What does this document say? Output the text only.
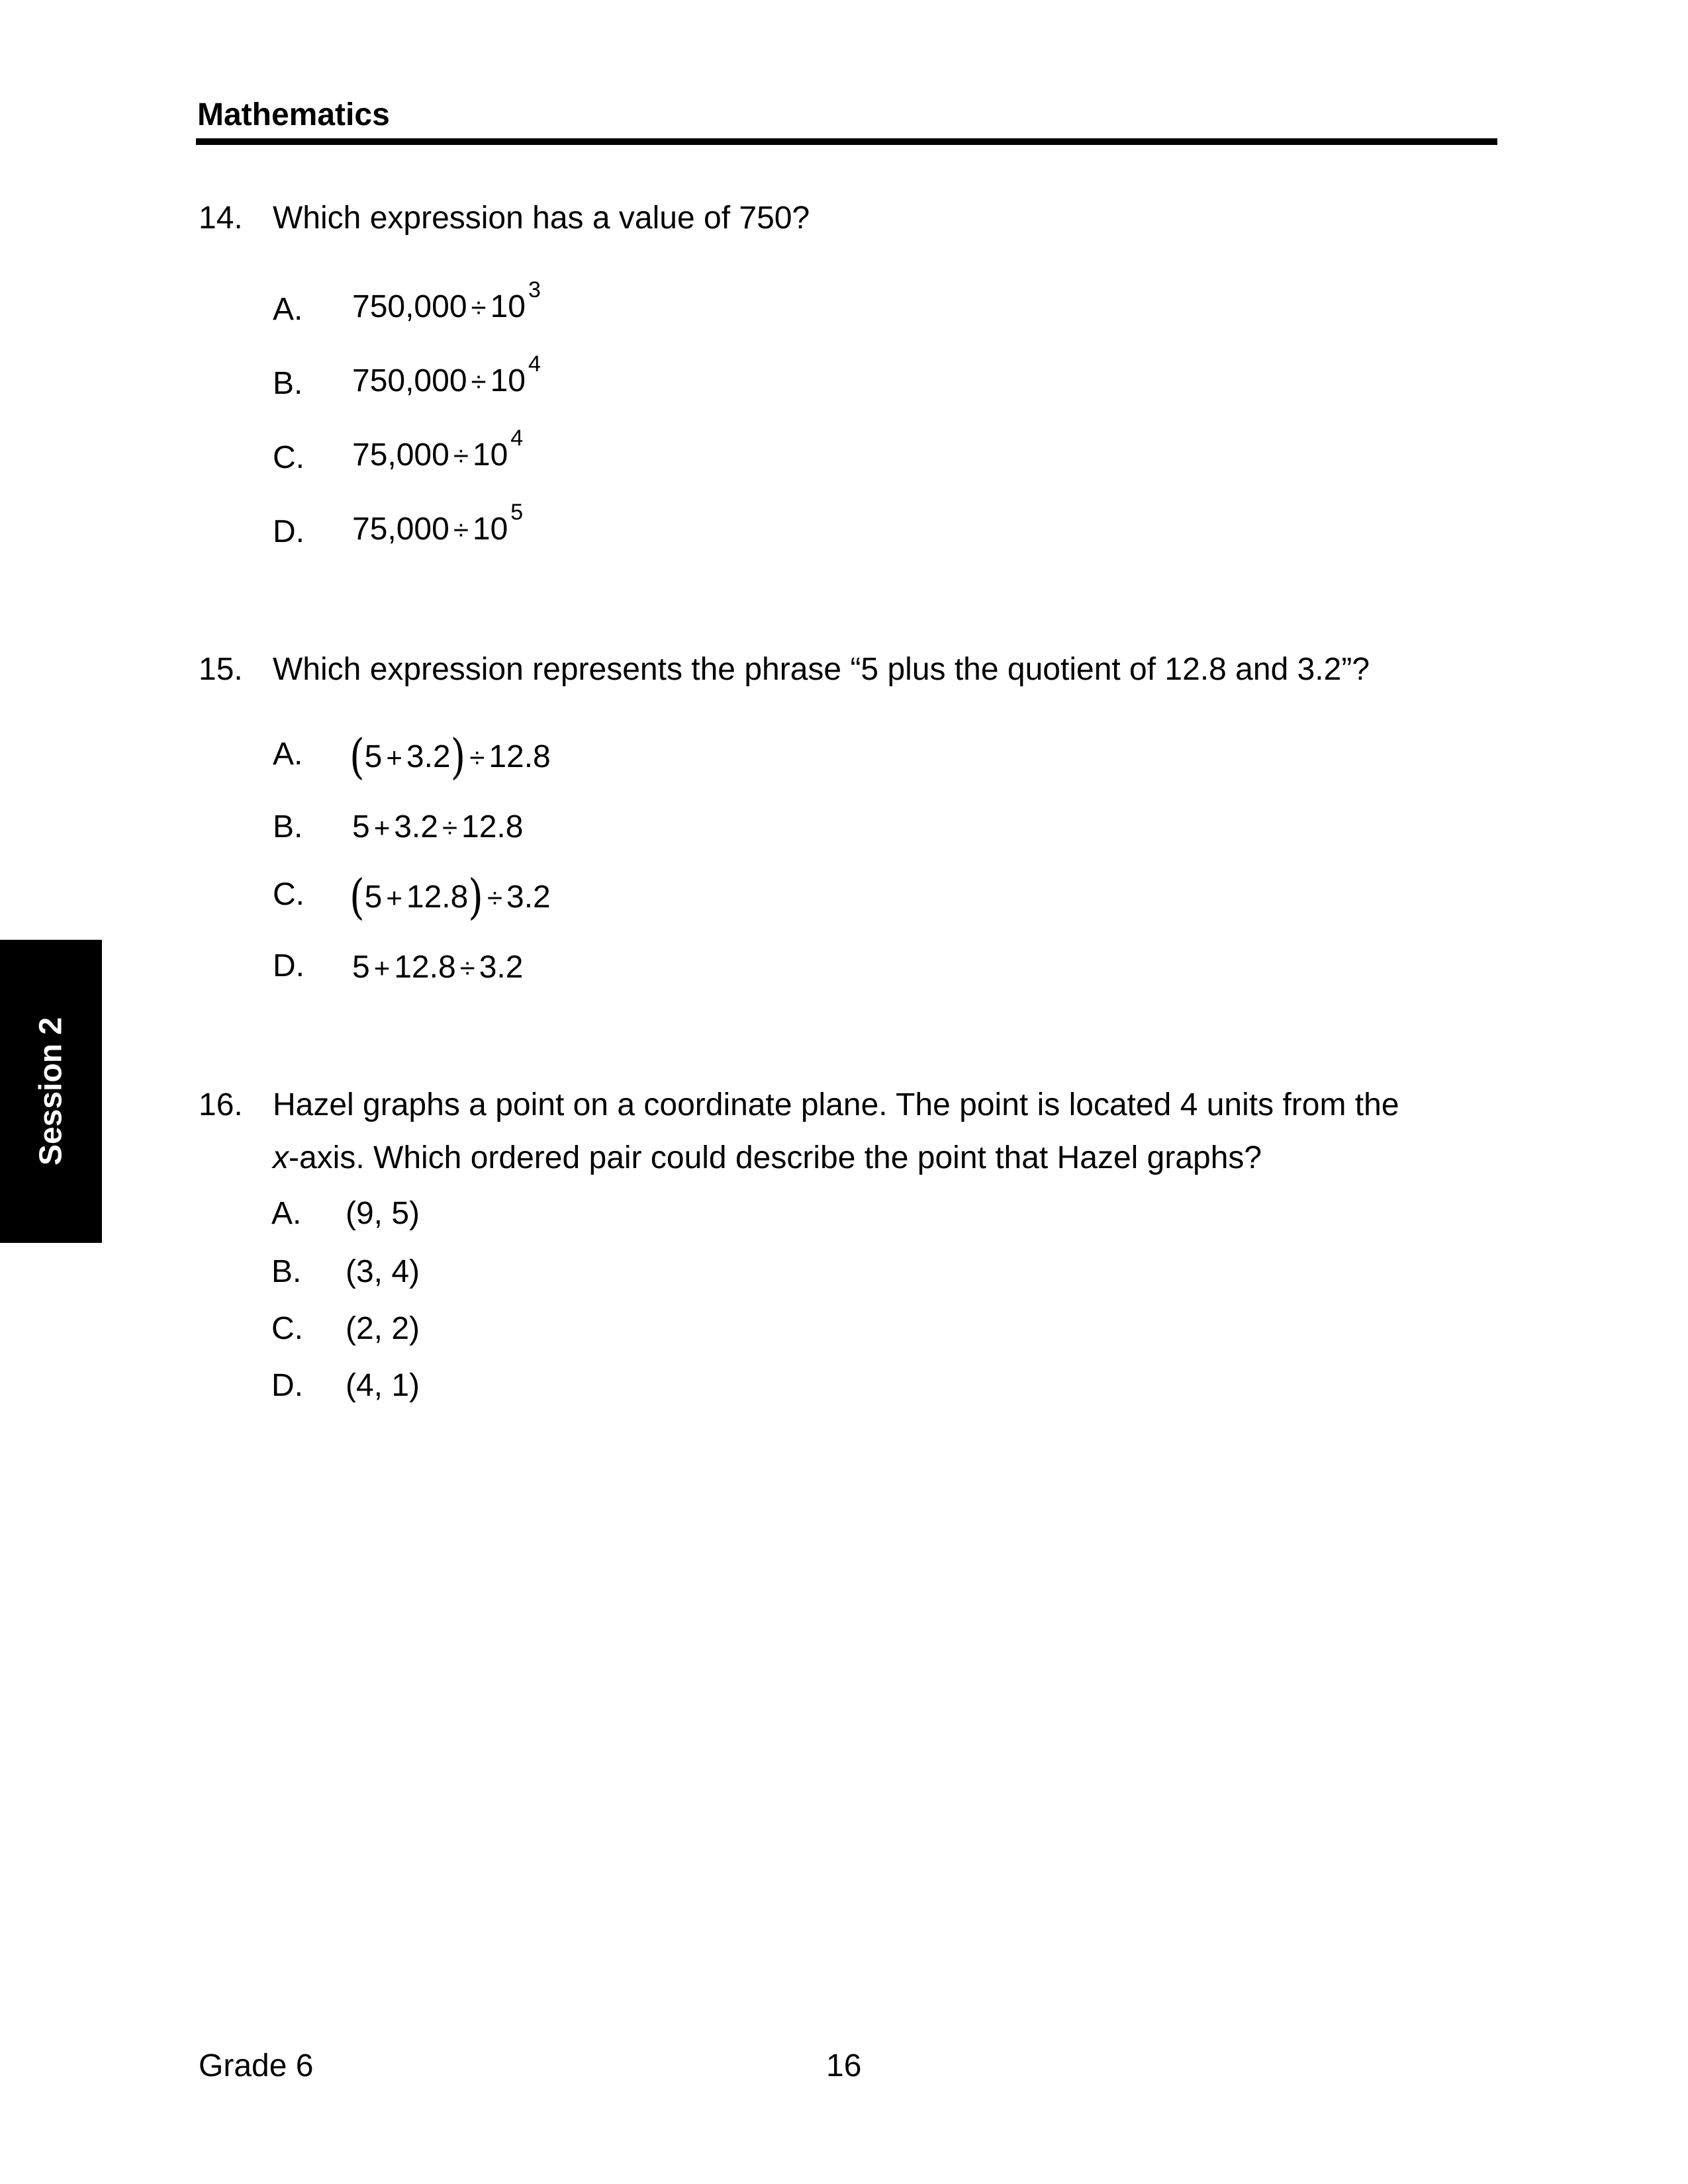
Mathematics
14. Which expression has a value of 750?
A. 750,000 ÷ 10 $^3$
B. 750,000 ÷ 10 $^4$
C. 75,000 ÷ 10 $^4$
D. 75,000 ÷ 10 $^5$
15. Which expression represents the phrase “5 plus the quotient of 12.8 and 3.2”?
A. (5 + 3.2) ÷ 12.8
B. 5 + 3.2 ÷ 12.8
C. (5 + 12.8) ÷ 3.2
D. 5 + 12.8 ÷ 3.2
Session 2	16. Hazel graphs a point on a coordinate plane. The point is located 4 units from the
x-axis. Which ordered pair could describe the point that Hazel graphs?
A. (9, 5)
B. (3, 4)
C. (2, 2)
D. (4, 1)
Grade 6	16
